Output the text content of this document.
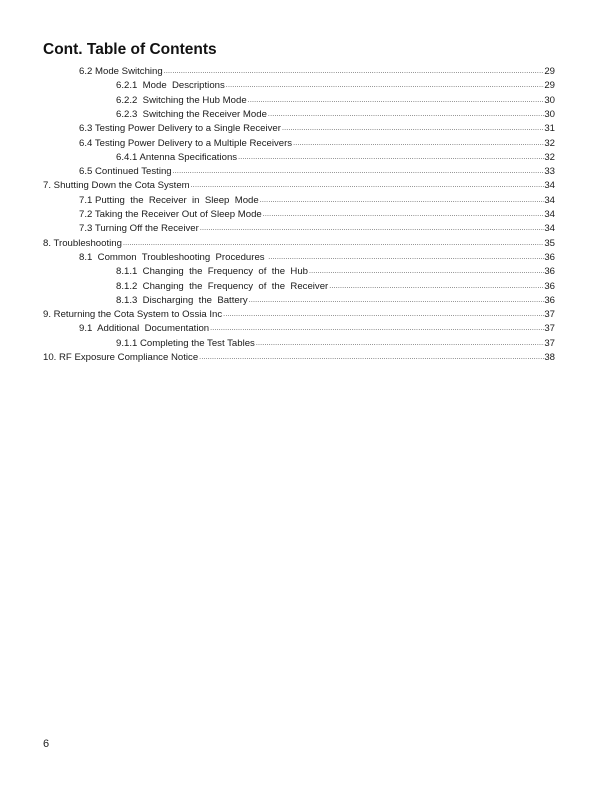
Cont. Table of Contents
6.2 Mode Switching .....	29
6.2.1  Mode  Descriptions .....	29
6.2.2  Switching the Hub Mode .....	30
6.2.3  Switching the Receiver Mode .....	30
6.3 Testing Power Delivery to a Single Receiver .....	31
6.4 Testing Power Delivery to a Multiple Receivers .....	32
6.4.1 Antenna Specifications .....	32
6.5 Continued Testing .....	33
7. Shutting Down the Cota System .....	34
7.1 Putting  the  Receiver  in  Sleep  Mode .....	34
7.2 Taking the Receiver Out of Sleep Mode .....	34
7.3 Turning Off the Receiver .....	34
8. Troubleshooting .....	35
8.1  Common  Troubleshooting  Procedures .....	36
8.1.1  Changing  the  Frequency  of  the  Hub .....	36
8.1.2  Changing  the  Frequency  of  the  Receiver .....	36
8.1.3  Discharging  the  Battery .....	36
9. Returning the Cota System to Ossia Inc .....	37
9.1  Additional  Documentation .....	37
9.1.1 Completing the Test Tables .....	37
10. RF Exposure Compliance Notice .....	38
6
